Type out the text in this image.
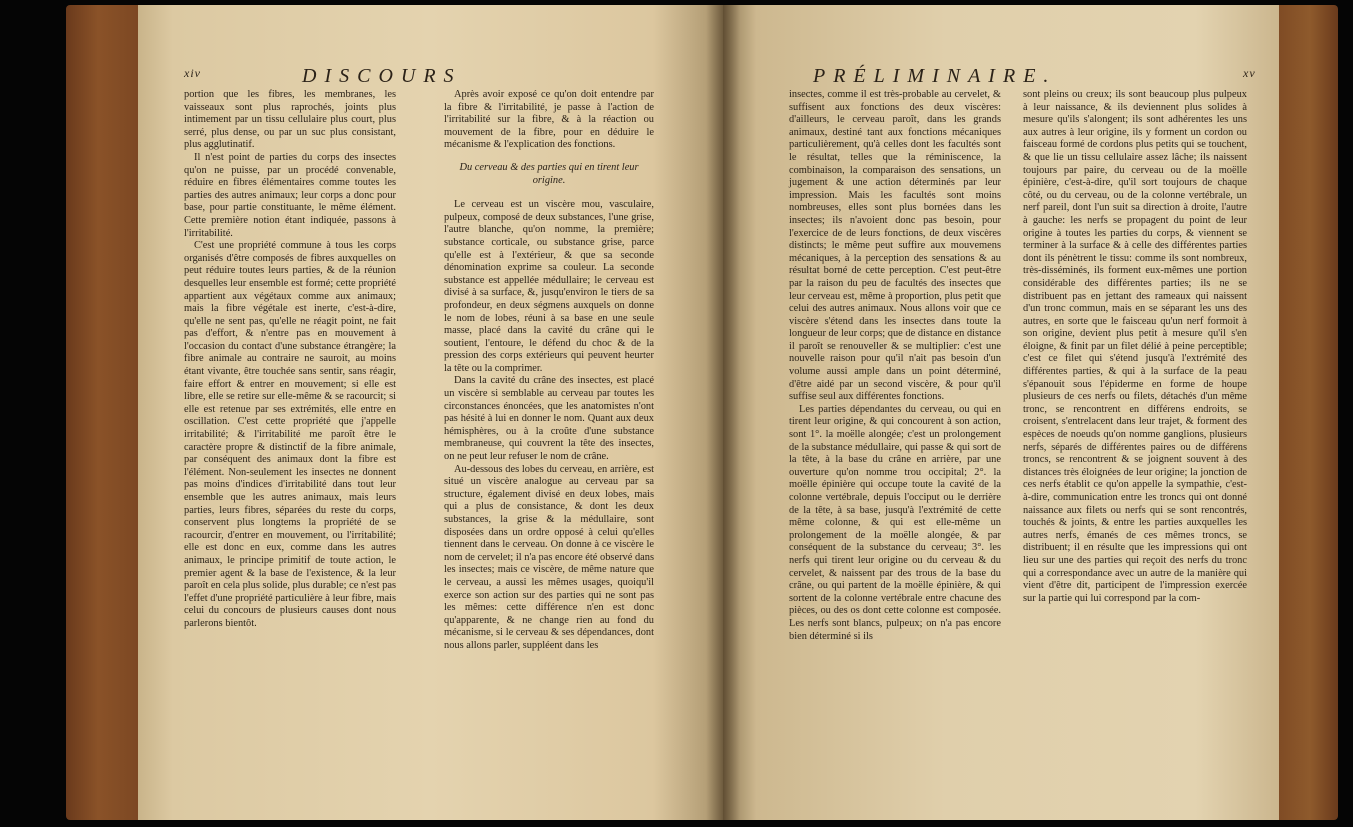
xiv	DISCOURS

portion que les fibres, les membranes, les vaisseaux sont plus raprochés, joints plus intimement par un tissu cellulaire plus court, plus serré, plus dense, ou par un suc plus consistant, plus agglutinatif.

Il n'est point de parties du corps des insectes qu'on ne puisse, par un procédé convenable, réduire en fibres élémentaires comme toutes les parties des autres animaux; leur corps a donc pour base, pour partie constituante, le même élément. Cette première notion étant indiquée, passons à l'irritabilité.

C'est une propriété commune à tous les corps organisés d'être composés de fibres auxquelles on peut réduire toutes leurs parties, & de la réunion desquelles leur ensemble est formé; cette propriété appartient aux végétaux comme aux animaux; mais la fibre végétale est inerte, c'est-à-dire, qu'elle ne sent pas, qu'elle ne réagit point, ne fait pas d'effort, & n'entre pas en mouvement à l'occasion du contact d'une substance étrangère; la fibre animale au contraire ne sauroit, au moins étant vivante, être touchée sans sentir, sans réagir, faire effort & entrer en mouvement; si elle est libre, elle se retire sur elle-même & se racourcit; si elle est retenue par ses extrémités, elle entre en oscillation. C'est cette propriété que j'appelle irritabilité; & l'irritabilité me paroît être le caractère propre & distinctif de la fibre animale, par conséquent des animaux dont la fibre est l'élément. Non-seulement les insectes ne donnent pas moins d'indices d'irritabilité dans tout leur ensemble que les autres animaux, mais leurs parties, leurs fibres, séparées du reste du corps, conservent plus longtems la propriété de se racourcir, d'entrer en mouvement, ou l'irritabilité; elle est donc en eux, comme dans les autres animaux, le principe primitif de toute action, le premier agent & la base de l'existence, & la leur paroît en cela plus solide, plus durable; ce n'est pas l'effet d'une propriété particulière à leur fibre, mais celui du concours de plusieurs causes dont nous parlerons bientôt.

Après avoir exposé ce qu'on doit entendre par la fibre & l'irritabilité, je passe à l'action de l'irritabilité sur la fibre, & à la réaction ou mouvement de la fibre, pour en déduire le mécanisme & l'explication des fonctions.

Du cerveau & des parties qui en tirent leur origine.

Le cerveau est un viscère mou, vasculaire, pulpeux, composé de deux substances, l'une grise, l'autre blanche, qu'on nomme, la première; substance corticale, ou substance grise, parce qu'elle est à l'extérieur, & que sa seconde dénomination exprime sa couleur. La seconde substance est appellée médullaire; le cerveau est divisé à sa surface, &, jusqu'environ le tiers de sa profondeur, en deux ségmens auxquels on donne le nom de lobes, réuni à sa base en une seule masse, placé dans la cavité du crâne qui le soutient, l'entoure, le défend du choc & de la pression des corps extérieurs qui peuvent heurter la tête ou la comprimer.

Dans la cavité du crâne des insectes, est placé un viscère si semblable au cerveau par toutes les circonstances énoncées, que les anatomistes n'ont pas hésité à lui en donner le nom. Quant aux deux hémisphères, ou à la croûte d'une substance membraneuse, qui couvrent la tête des insectes, on ne peut leur refuser le nom de crâne.

Au-dessous des lobes du cerveau, en arrière, est situé un viscère analogue au cerveau par sa structure, également divisé en deux lobes, mais qui a plus de consistance, & dont les deux substances, la grise & la médullaire, sont disposées dans un ordre opposé à celui qu'elles tiennent dans le cerveau. On donne à ce viscère le nom de cervelet; il n'a pas encore été observé dans les insectes; mais ce viscère, de même nature que le cerveau, a aussi les mêmes usages, quoiqu'il exerce son action sur des parties qui ne sont pas les mêmes: cette différence n'en est donc qu'apparente, & ne change rien au fond du mécanisme, si le cerveau & ses dépendances, dont nous allons parler, suppléent dans les

PRÉLIMINAIRE.	xv

insectes, comme il est très-probable au cervelet, & suffisent aux fonctions des deux viscères: d'ailleurs, le cerveau paroît, dans les grands animaux, destiné tant aux fonctions mécaniques particulièrement, qu'à celles dont les facultés sont le résultat, telles que la réminiscence, la combinaison, la comparaison des sensations, un jugement & une action déterminés par leur impression. Mais les facultés sont moins nombreuses, elles sont plus bornées dans les insectes; ils n'avoient donc pas besoin, pour l'exercice de de leurs fonctions, de deux viscères distincts; le même peut suffire aux mouvemens mécaniques, à la perception des sensations & au résultat borné de cette perception. C'est peut-être par la raison du peu de facultés des insectes que leur cerveau est, même à proportion, plus petit que celui des autres animaux. Nous allons voir que ce viscère s'étend dans les insectes dans toute la longueur de leur corps; que de distance en distance il paroît se renouveller & se multiplier: c'est une nouvelle raison pour qu'il n'ait pas besoin d'un volume aussi ample dans un point déterminé, d'être aidé par un second viscère, & pour qu'il suffise seul aux différentes fonctions.

Les parties dépendantes du cerveau, ou qui en tirent leur origine, & qui concourent à son action, sont 1°. la moëlle alongée; c'est un prolongement de la substance médullaire, qui passe & qui sort de la tête, à la base du crâne en arrière, par une ouverture qu'on nomme trou occipital; 2°. la moëlle épinière qui occupe toute la cavité de la colonne vertébrale, depuis l'occiput ou le derrière de la tête, à sa base, jusqu'à l'extrémité de cette même colonne, & qui est elle-même un prolongement de la moëlle alongée, & par conséquent de la substance du cerveau; 3°. les nerfs qui tirent leur origine ou du cerveau & du cervelet, & naissent par des trous de la base du crâne, ou qui partent de la moëlle épinière, & qui sortent de la colonne vertébrale entre chacune des pièces, ou des os dont cette colonne est composée. Les nerfs sont blancs, pulpeux; on n'a pas encore bien déterminé si ils

sont pleins ou creux; ils sont beaucoup plus pulpeux à leur naissance, & ils deviennent plus solides à mesure qu'ils s'alongent; ils sont adhérentes les uns aux autres à leur origine, ils y forment un cordon ou faisceau formé de cordons plus petits qui se touchent, & que lie un tissu cellulaire assez lâche; ils naissent toujours par paire, du cerveau ou de la moëlle épinière, c'est-à-dire, qu'il sort toujours de chaque côté, ou du cerveau, ou de la colonne vertébrale, un nerf pareil, dont l'un suit sa direction à droite, l'autre à gauche: les nerfs se propagent du point de leur origine à toutes les parties du corps, & viennent se terminer à la surface & à celle des différentes parties dont ils pénètrent le tissu: comme ils sont nombreux, très-disséminés, ils forment eux-mêmes une portion considérable des différentes parties; ils ne se distribuent pas en jettant des rameaux qui naissent d'un tronc commun, mais en se séparant les uns des autres, en sorte que le faisceau qu'un nerf formoit à son origine, devient plus petit à mesure qu'il s'en éloigne, & finit par un filet délié à peine perceptible; c'est ce filet qui s'étend jusqu'à l'extrémité des différentes parties, & qui à la surface de la peau s'épanouit sous l'épiderme en forme de houpe plusieurs de ces nerfs ou filets, détachés d'un même tronc, se rencontrent en différens endroits, se croisent, s'entrelacent dans leur trajet, & forment des espèces de noeuds qu'on nomme ganglions, plusieurs nerfs, séparés de différentes paires ou de différens troncs, se rencontrent & se joignent souvent à des distances très éloignées de leur origine; la jonction de ces nerfs établit ce qu'on appelle la sympathie, c'est-à-dire, communication entre les troncs qui ont donné naissance aux filets ou nerfs qui se sont rencontrés, touchés & joints, & entre les parties auxquelles les autres nerfs, émanés de ces mêmes troncs, se distribuent; il en résulte que les impressions qui ont lieu sur une des parties qui reçoit des nerfs du tronc qui a correspondance avec un autre de la manière qui vient d'être dit, participent de l'impression exercée sur la partie qui lui correspond par la com-
